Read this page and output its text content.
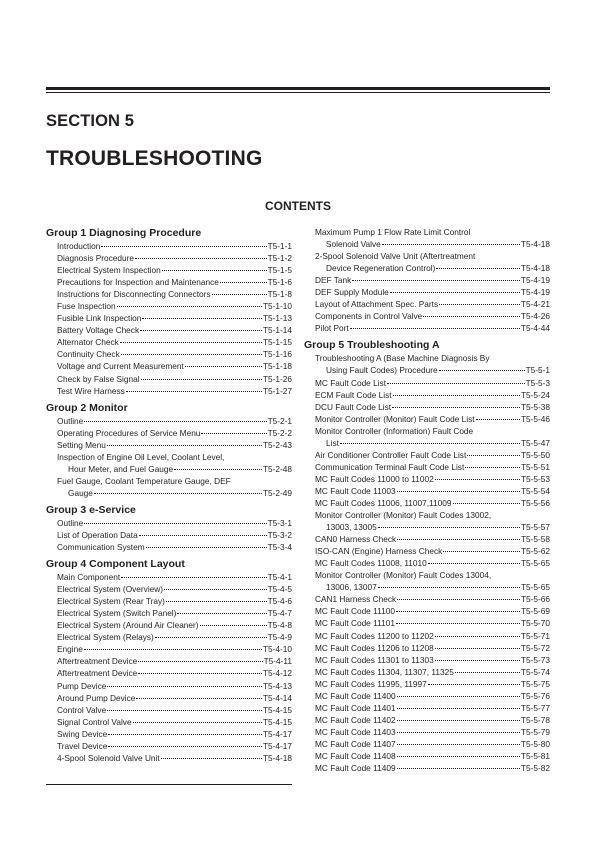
SECTION 5
TROUBLESHOOTING
CONTENTS
Group 1 Diagnosing Procedure
Introduction	T5-1-1
Diagnosis Procedure	T5-1-2
Electrical System Inspection	T5-1-5
Precautions for Inspection and Maintenance	T5-1-6
Instructions for Disconnecting Connectors	T5-1-8
Fuse Inspection	T5-1-10
Fusible Link Inspection	T5-1-13
Battery Voltage Check	T5-1-14
Alternator Check	T5-1-15
Continuity Check	T5-1-16
Voltage and Current Measurement	T5-1-18
Check by False Signal	T5-1-26
Test Wire Harness	T5-1-27
Group 2 Monitor
Outline	T5-2-1
Operating Procedures of Service Menu	T5-2-2
Setting Menu	T5-2-43
Inspection of Engine Oil Level, Coolant Level,
Hour Meter, and Fuel Gauge	T5-2-48
Fuel Gauge, Coolant Temperature Gauge, DEF
Gauge	T5-2-49
Group 3 e-Service
Outline	T5-3-1
List of Operation Data	T5-3-2
Communication System	T5-3-4
Group 4 Component Layout
Main Component	T5-4-1
Electrical System (Overview)	T5-4-5
Electrical System (Rear Tray)	T5-4-6
Electrical System (Switch Panel)	T5-4-7
Electrical System (Around Air Cleaner)	T5-4-8
Electrical System (Relays)	T5-4-9
Engine	T5-4-10
Aftertreatment Device	T5-4-11
Aftertreatment Device	T5-4-12
Pump Device	T5-4-13
Around Pump Device	T5-4-14
Control Valve	T5-4-15
Signal Control Valve	T5-4-15
Swing Device	T5-4-17
Travel Device	T5-4-17
4-Spool Solenoid Valve Unit	T5-4-18
Maximum Pump 1 Flow Rate Limit Control
Solenoid Valve	T5-4-18
2-Spool Solenoid Valve Unit (Aftertreatment
Device Regeneration Control)	T5-4-18
DEF Tank	T5-4-19
DEF Supply Module	T5-4-19
Layout of Attachment Spec. Parts	T5-4-21
Components in Control Valve	T5-4-26
Pilot Port	T5-4-44
Group 5 Troubleshooting A
Troubleshooting A (Base Machine Diagnosis By
Using Fault Codes) Procedure	T5-5-1
MC Fault Code List	T5-5-3
ECM Fault Code List	T5-5-24
DCU Fault Code List	T5-5-38
Monitor Controller (Monitor) Fault Code List	T5-5-46
Monitor Controller (Information) Fault Code
List	T5-5-47
Air Conditioner Controller Fault Code List	T5-5-50
Communication Terminal Fault Code List	T5-5-51
MC Fault Codes 11000 to 11002	T5-5-53
MC Fault Code 11003	T5-5-54
MC Fault Codes 11006, 11007,11009	T5-5-56
Monitor Controller (Monitor) Fault Codes 13002,
13003, 13005	T5-5-57
CAN0 Harness Check	T5-5-58
ISO-CAN (Engine) Harness Check	T5-5-62
MC Fault Codes 11008, 11010	T5-5-65
Monitor Controller (Monitor) Fault Codes 13004,
13006, 13007	T5-5-65
CAN1 Harness Check	T5-5-66
MC Fault Code 11100	T5-5-69
MC Fault Code 11101	T5-5-70
MC Fault Codes 11200 to 11202	T5-5-71
MC Fault Codes 11206 to 11208	T5-5-72
MC Fault Codes 11301 to 11303	T5-5-73
MC Fault Codes 11304, 11307, 11325	T5-5-74
MC Fault Codes 11995, 11997	T5-5-75
MC Fault Code 11400	T5-5-76
MC Fault Code 11401	T5-5-77
MC Fault Code 11402	T5-5-78
MC Fault Code 11403	T5-5-79
MC Fault Code 11407	T5-5-80
MC Fault Code 11408	T5-5-81
MC Fault Code 11409	T5-5-82
